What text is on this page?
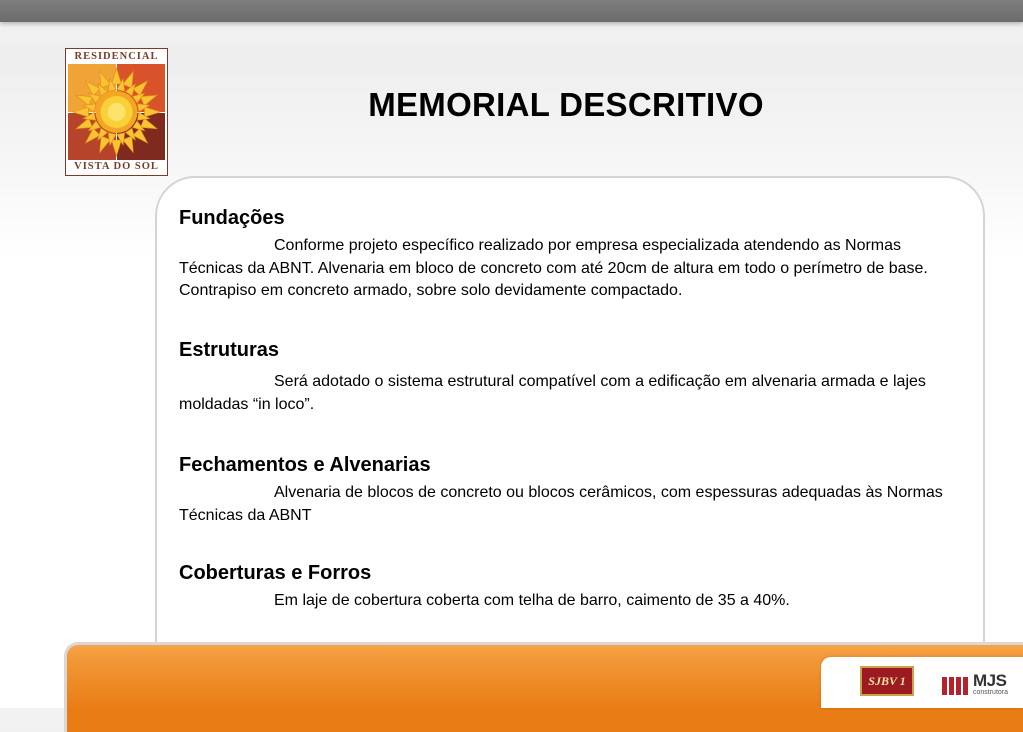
RESIDENCIAL
VISTA DO SOL
MEMORIAL DESCRITIVO
Fundações

Conforme projeto específico realizado por empresa especializada atendendo as Normas Técnicas da ABNT. Alvenaria em bloco de concreto com até 20cm de altura em todo o perímetro de base. Contrapiso em concreto armado, sobre solo devidamente compactado.

Estruturas

Será adotado o sistema estrutural compatível com a edificação em alvenaria armada e lajes moldadas “in loco”.

Fechamentos e Alvenarias

Alvenaria de blocos de concreto ou blocos cerâmicos, com espessuras adequadas às Normas Técnicas da ABNT

Coberturas e Forros

Em laje de cobertura coberta com telha de barro, caimento de 35 a 40%.

SJBV 1	MJS
construtora
